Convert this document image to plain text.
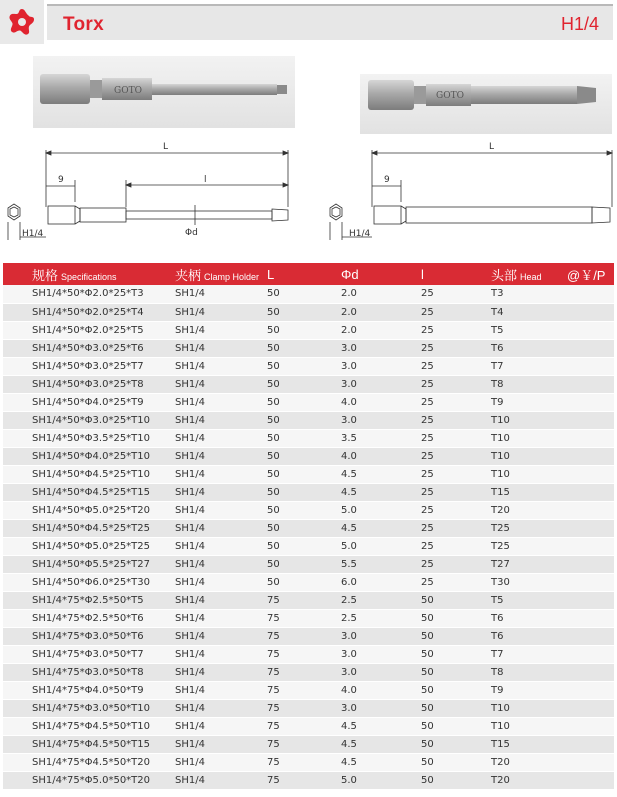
Torx	H1/4
GOTO	GOTO
L
9	l
Φd
H1/4
L
9
H1/4
规格 Specifications	夹柄 Clamp Holder	L	Φd	l	头部 Head	@￥/P
SH1/4*50*Φ2.0*25*T3	SH1/4	50	2.0	25	T3	
SH1/4*50*Φ2.0*25*T4	SH1/4	50	2.0	25	T4	
SH1/4*50*Φ2.0*25*T5	SH1/4	50	2.0	25	T5	
SH1/4*50*Φ3.0*25*T6	SH1/4	50	3.0	25	T6	
SH1/4*50*Φ3.0*25*T7	SH1/4	50	3.0	25	T7	
SH1/4*50*Φ3.0*25*T8	SH1/4	50	3.0	25	T8	
SH1/4*50*Φ4.0*25*T9	SH1/4	50	4.0	25	T9	
SH1/4*50*Φ3.0*25*T10	SH1/4	50	3.0	25	T10	
SH1/4*50*Φ3.5*25*T10	SH1/4	50	3.5	25	T10	
SH1/4*50*Φ4.0*25*T10	SH1/4	50	4.0	25	T10	
SH1/4*50*Φ4.5*25*T10	SH1/4	50	4.5	25	T10	
SH1/4*50*Φ4.5*25*T15	SH1/4	50	4.5	25	T15	
SH1/4*50*Φ5.0*25*T20	SH1/4	50	5.0	25	T20	
SH1/4*50*Φ4.5*25*T25	SH1/4	50	4.5	25	T25	
SH1/4*50*Φ5.0*25*T25	SH1/4	50	5.0	25	T25	
SH1/4*50*Φ5.5*25*T27	SH1/4	50	5.5	25	T27	
SH1/4*50*Φ6.0*25*T30	SH1/4	50	6.0	25	T30	
SH1/4*75*Φ2.5*50*T5	SH1/4	75	2.5	50	T5	
SH1/4*75*Φ2.5*50*T6	SH1/4	75	2.5	50	T6	
SH1/4*75*Φ3.0*50*T6	SH1/4	75	3.0	50	T6	
SH1/4*75*Φ3.0*50*T7	SH1/4	75	3.0	50	T7	
SH1/4*75*Φ3.0*50*T8	SH1/4	75	3.0	50	T8	
SH1/4*75*Φ4.0*50*T9	SH1/4	75	4.0	50	T9	
SH1/4*75*Φ3.0*50*T10	SH1/4	75	3.0	50	T10	
SH1/4*75*Φ4.5*50*T10	SH1/4	75	4.5	50	T10	
SH1/4*75*Φ4.5*50*T15	SH1/4	75	4.5	50	T15	
SH1/4*75*Φ4.5*50*T20	SH1/4	75	4.5	50	T20	
SH1/4*75*Φ5.0*50*T20	SH1/4	75	5.0	50	T20	
